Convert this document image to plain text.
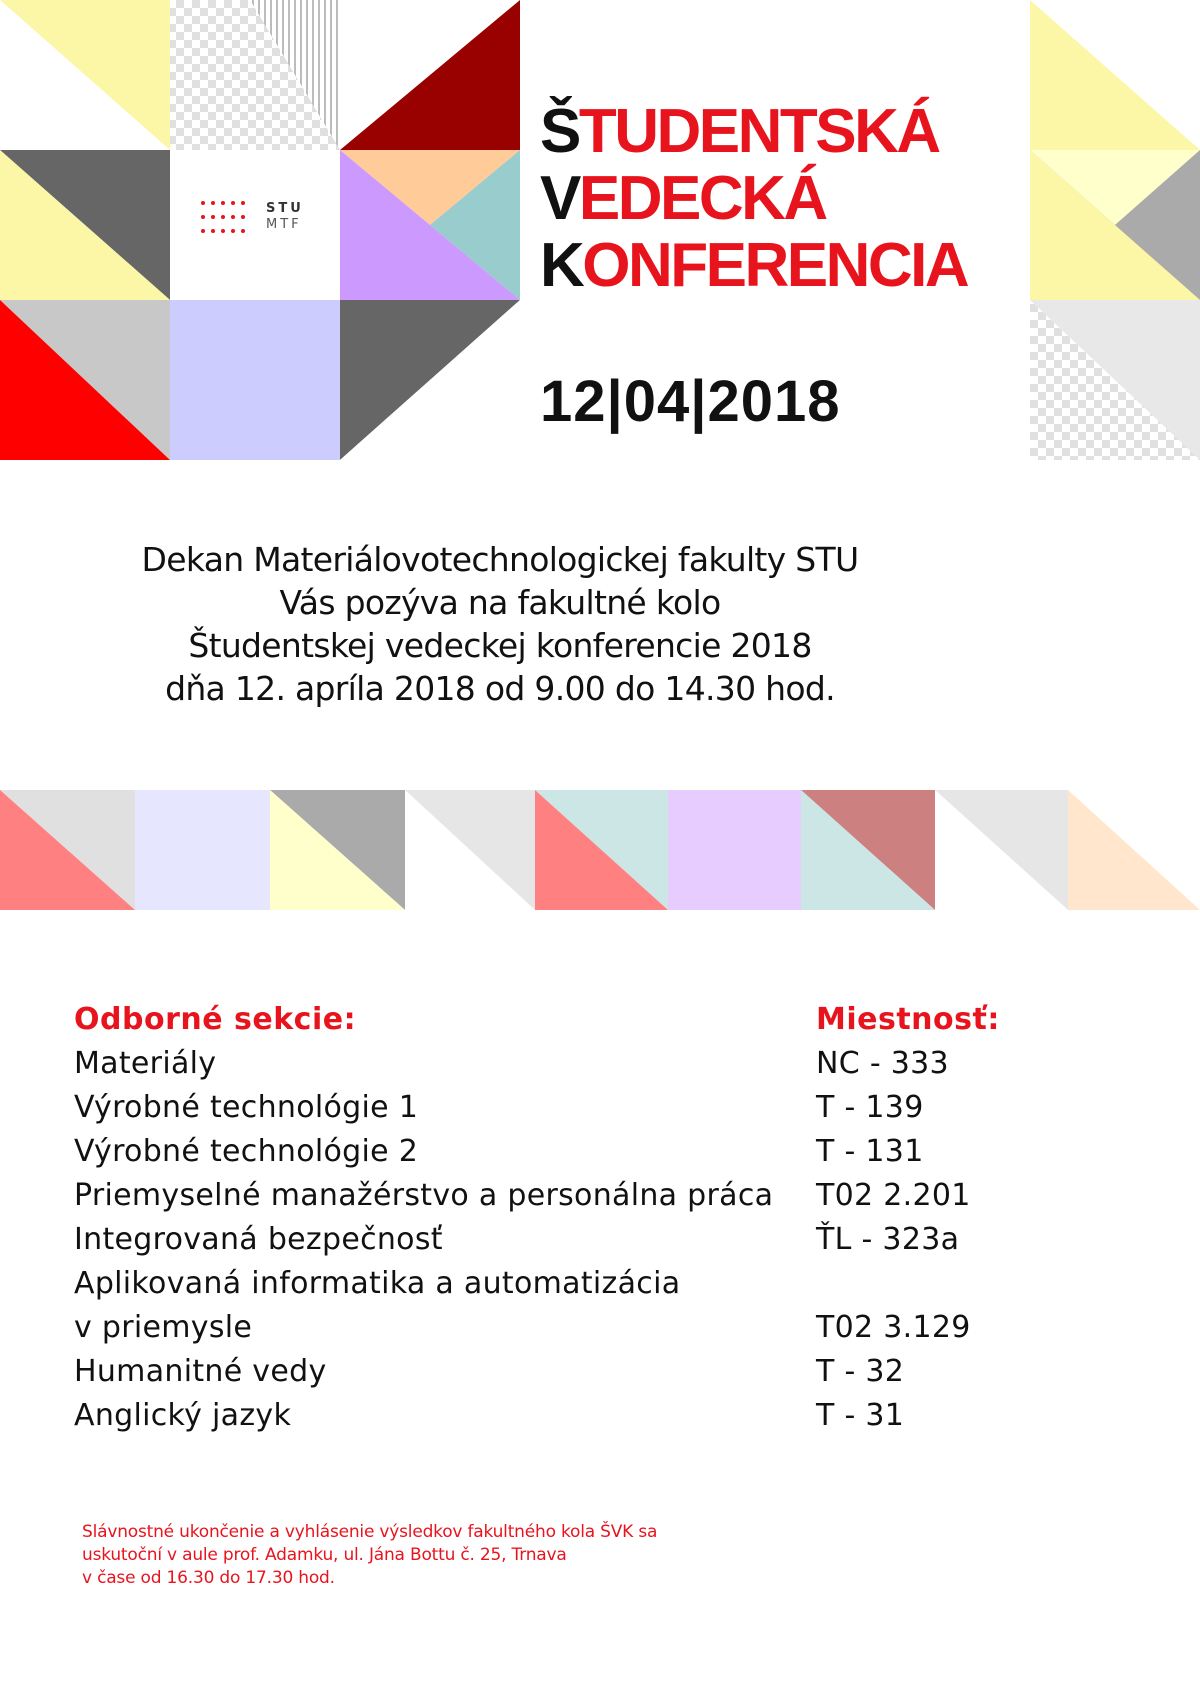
STU
MTF
ŠTUDENTSKÁ
VEDECKÁ
KONFERENCIA
12|04|2018
Dekan Materiálovotechnologickej fakulty STU
Vás pozýva na fakultné kolo
Študentskej vedeckej konferencie 2018
dňa 12. apríla 2018 od 9.00 do 14.30 hod.
Odborné sekcie:	Miestnosť:
Materiály	NC - 333
Výrobné technológie 1	T - 139
Výrobné technológie 2	T - 131
Priemyselné manažérstvo a personálna práca	T02 2.201
Integrovaná bezpečnosť	ŤL - 323a
Aplikovaná informatika a automatizácia
v priemysle	T02 3.129
Humanitné vedy	T - 32
Anglický jazyk	T - 31
Slávnostné ukončenie a vyhlásenie výsledkov fakultného kola ŠVK sa
uskutoční v aule prof. Adamku, ul. Jána Bottu č. 25, Trnava
v čase od 16.30 do 17.30 hod.
